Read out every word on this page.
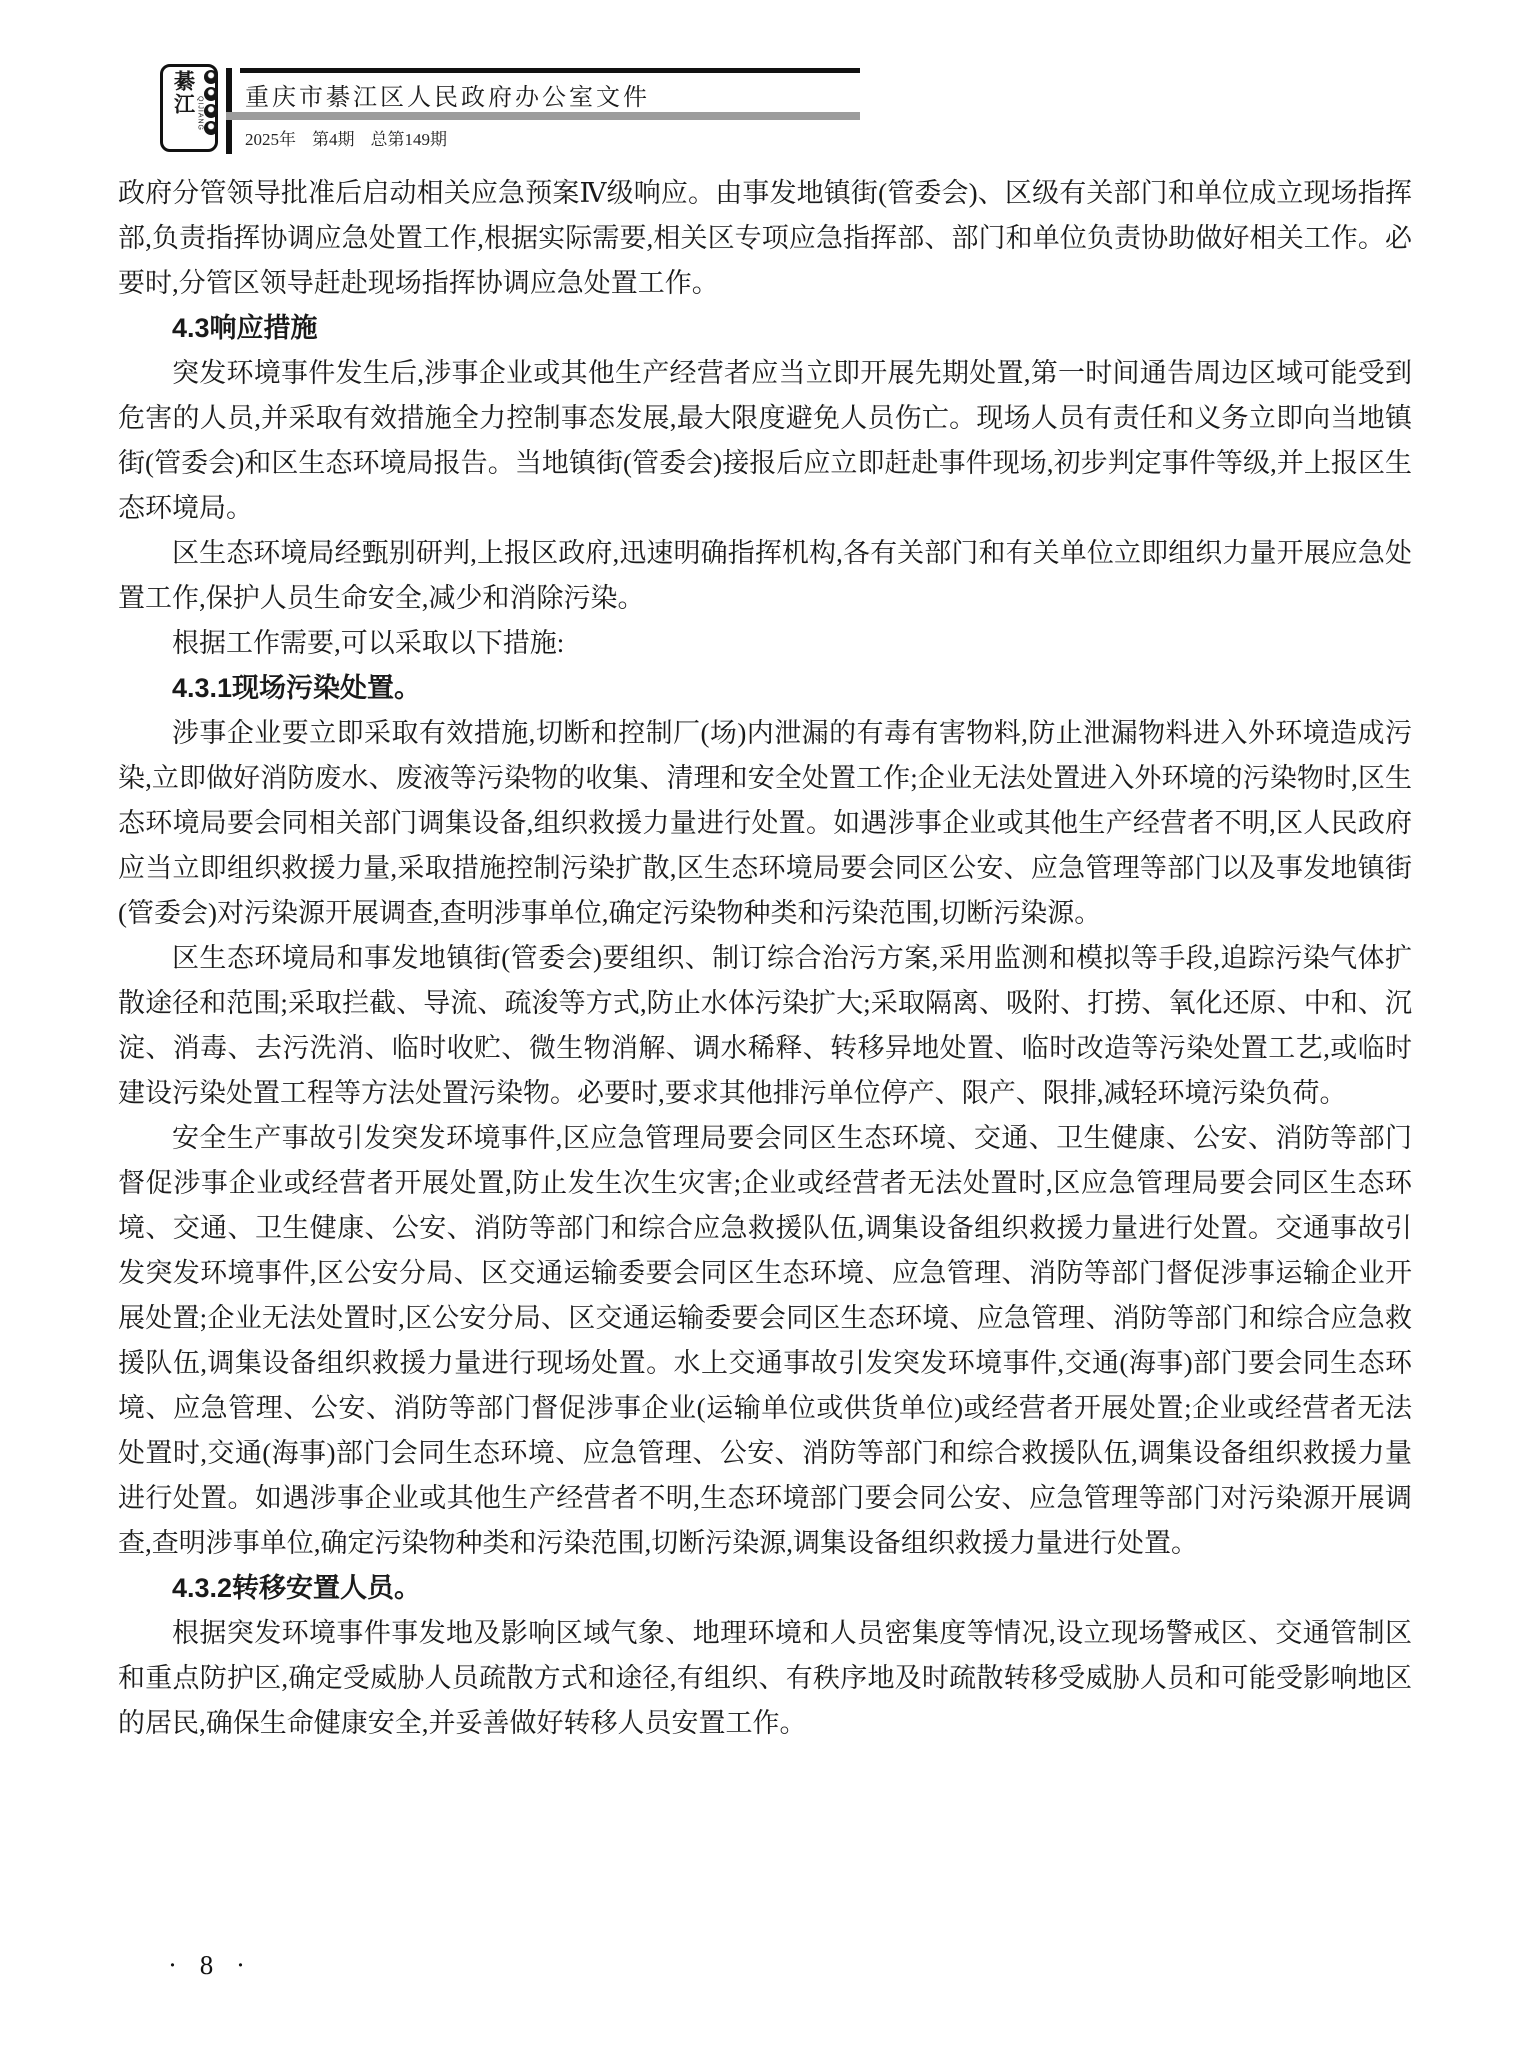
綦江 QIJIANG 重庆市綦江区人民政府办公室文件
2025年 第4期 总第149期

政府分管领导批准后启动相关应急预案Ⅳ级响应。由事发地镇街(管委会)、区级有关部门和单位成立现场指挥部,负责指挥协调应急处置工作,根据实际需要,相关区专项应急指挥部、部门和单位负责协助做好相关工作。必要时,分管区领导赶赴现场指挥协调应急处置工作。

4.3响应措施

突发环境事件发生后,涉事企业或其他生产经营者应当立即开展先期处置,第一时间通告周边区域可能受到危害的人员,并采取有效措施全力控制事态发展,最大限度避免人员伤亡。现场人员有责任和义务立即向当地镇街(管委会)和区生态环境局报告。当地镇街(管委会)接报后应立即赶赴事件现场,初步判定事件等级,并上报区生态环境局。

区生态环境局经甄别研判,上报区政府,迅速明确指挥机构,各有关部门和有关单位立即组织力量开展应急处置工作,保护人员生命安全,减少和消除污染。

根据工作需要,可以采取以下措施:

4.3.1现场污染处置。

涉事企业要立即采取有效措施,切断和控制厂(场)内泄漏的有毒有害物料,防止泄漏物料进入外环境造成污染,立即做好消防废水、废液等污染物的收集、清理和安全处置工作;企业无法处置进入外环境的污染物时,区生态环境局要会同相关部门调集设备,组织救援力量进行处置。如遇涉事企业或其他生产经营者不明,区人民政府应当立即组织救援力量,采取措施控制污染扩散,区生态环境局要会同区公安、应急管理等部门以及事发地镇街(管委会)对污染源开展调查,查明涉事单位,确定污染物种类和污染范围,切断污染源。

区生态环境局和事发地镇街(管委会)要组织、制订综合治污方案,采用监测和模拟等手段,追踪污染气体扩散途径和范围;采取拦截、导流、疏浚等方式,防止水体污染扩大;采取隔离、吸附、打捞、氧化还原、中和、沉淀、消毒、去污洗消、临时收贮、微生物消解、调水稀释、转移异地处置、临时改造等污染处置工艺,或临时建设污染处置工程等方法处置污染物。必要时,要求其他排污单位停产、限产、限排,减轻环境污染负荷。

安全生产事故引发突发环境事件,区应急管理局要会同区生态环境、交通、卫生健康、公安、消防等部门督促涉事企业或经营者开展处置,防止发生次生灾害;企业或经营者无法处置时,区应急管理局要会同区生态环境、交通、卫生健康、公安、消防等部门和综合应急救援队伍,调集设备组织救援力量进行处置。交通事故引发突发环境事件,区公安分局、区交通运输委要会同区生态环境、应急管理、消防等部门督促涉事运输企业开展处置;企业无法处置时,区公安分局、区交通运输委要会同区生态环境、应急管理、消防等部门和综合应急救援队伍,调集设备组织救援力量进行现场处置。水上交通事故引发突发环境事件,交通(海事)部门要会同生态环境、应急管理、公安、消防等部门督促涉事企业(运输单位或供货单位)或经营者开展处置;企业或经营者无法处置时,交通(海事)部门会同生态环境、应急管理、公安、消防等部门和综合救援队伍,调集设备组织救援力量进行处置。如遇涉事企业或其他生产经营者不明,生态环境部门要会同公安、应急管理等部门对污染源开展调查,查明涉事单位,确定污染物种类和污染范围,切断污染源,调集设备组织救援力量进行处置。

4.3.2转移安置人员。

根据突发环境事件事发地及影响区域气象、地理环境和人员密集度等情况,设立现场警戒区、交通管制区和重点防护区,确定受威胁人员疏散方式和途径,有组织、有秩序地及时疏散转移受威胁人员和可能受影响地区的居民,确保生命健康安全,并妥善做好转移人员安置工作。

· 8 ·
